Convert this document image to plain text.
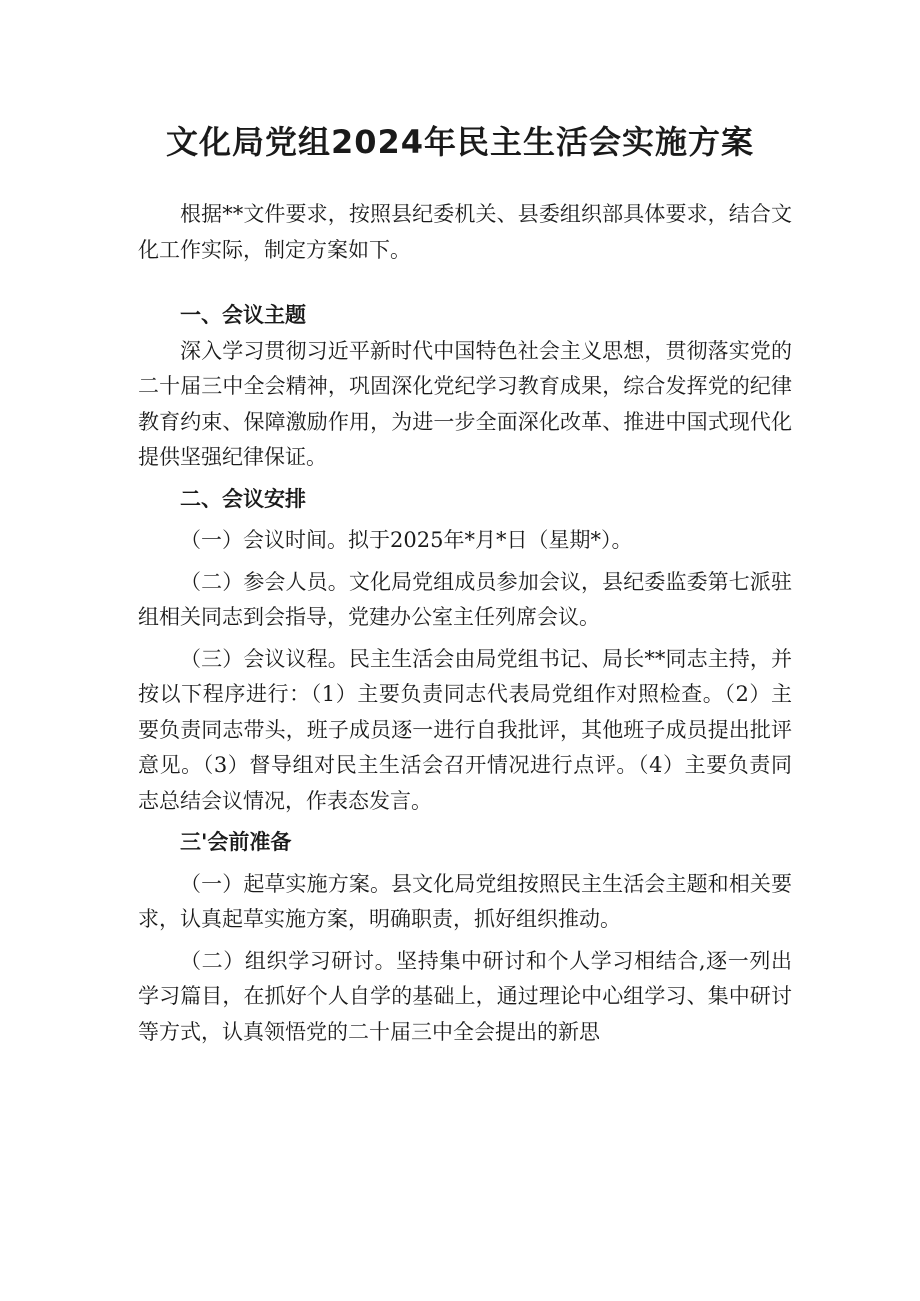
文化局党组2024年民主生活会实施方案

根据**文件要求，按照县纪委机关、县委组织部具体要求，结合文化工作实际，制定方案如下。

一、会议主题

深入学习贯彻习近平新时代中国特色社会主义思想，贯彻落实党的二十届三中全会精神，巩固深化党纪学习教育成果，综合发挥党的纪律教育约束、保障激励作用，为进一步全面深化改革、推进中国式现代化提供坚强纪律保证。

二、会议安排

（一）会议时间。拟于2025年*月*日（星期*）。

（二）参会人员。文化局党组成员参加会议，县纪委监委第七派驻组相关同志到会指导，党建办公室主任列席会议。

（三）会议议程。民主生活会由局党组书记、局长**同志主持，并按以下程序进行：（1）主要负责同志代表局党组作对照检查。（2）主要负责同志带头，班子成员逐一进行自我批评，其他班子成员提出批评意见。（3）督导组对民主生活会召开情况进行点评。（4）主要负责同志总结会议情况，作表态发言。

三'会前准备

（一）起草实施方案。县文化局党组按照民主生活会主题和相关要求，认真起草实施方案，明确职责，抓好组织推动。

（二）组织学习研讨。坚持集中研讨和个人学习相结合,逐一列出学习篇目，在抓好个人自学的基础上，通过理论中心组学习、集中研讨等方式，认真领悟党的二十届三中全会提出的新思
